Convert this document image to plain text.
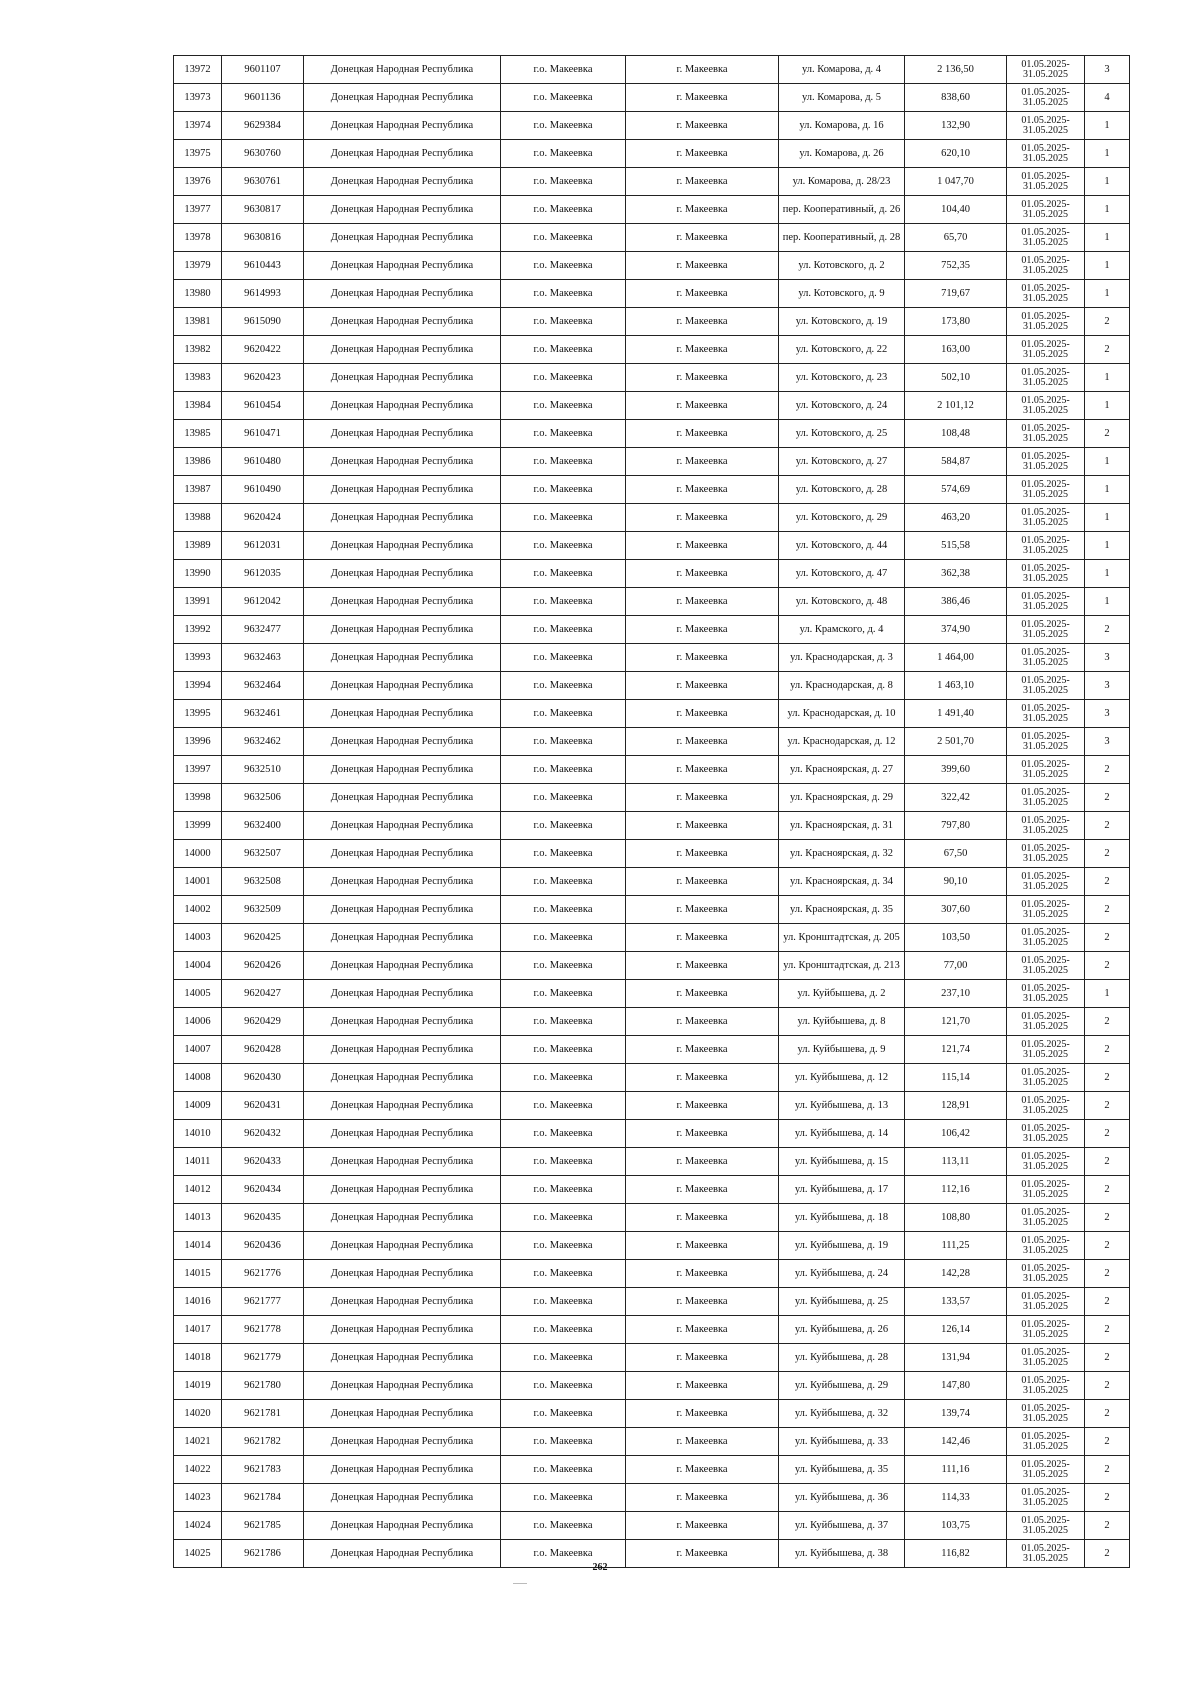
13972	9601107	Донецкая Народная Республика	г.о. Макеевка	г. Макеевка	ул. Комарова, д. 4	2 136,50	01.05.2025-31.05.2025	3
13973	9601136	Донецкая Народная Республика	г.о. Макеевка	г. Макеевка	ул. Комарова, д. 5	838,60	01.05.2025-31.05.2025	4
13974	9629384	Донецкая Народная Республика	г.о. Макеевка	г. Макеевка	ул. Комарова, д. 16	132,90	01.05.2025-31.05.2025	1
13975	9630760	Донецкая Народная Республика	г.о. Макеевка	г. Макеевка	ул. Комарова, д. 26	620,10	01.05.2025-31.05.2025	1
13976	9630761	Донецкая Народная Республика	г.о. Макеевка	г. Макеевка	ул. Комарова, д. 28/23	1 047,70	01.05.2025-31.05.2025	1
13977	9630817	Донецкая Народная Республика	г.о. Макеевка	г. Макеевка	пер. Кооперативный, д. 26	104,40	01.05.2025-31.05.2025	1
13978	9630816	Донецкая Народная Республика	г.о. Макеевка	г. Макеевка	пер. Кооперативный, д. 28	65,70	01.05.2025-31.05.2025	1
13979	9610443	Донецкая Народная Республика	г.о. Макеевка	г. Макеевка	ул. Котовского, д. 2	752,35	01.05.2025-31.05.2025	1
13980	9614993	Донецкая Народная Республика	г.о. Макеевка	г. Макеевка	ул. Котовского, д. 9	719,67	01.05.2025-31.05.2025	1
13981	9615090	Донецкая Народная Республика	г.о. Макеевка	г. Макеевка	ул. Котовского, д. 19	173,80	01.05.2025-31.05.2025	2
13982	9620422	Донецкая Народная Республика	г.о. Макеевка	г. Макеевка	ул. Котовского, д. 22	163,00	01.05.2025-31.05.2025	2
13983	9620423	Донецкая Народная Республика	г.о. Макеевка	г. Макеевка	ул. Котовского, д. 23	502,10	01.05.2025-31.05.2025	1
13984	9610454	Донецкая Народная Республика	г.о. Макеевка	г. Макеевка	ул. Котовского, д. 24	2 101,12	01.05.2025-31.05.2025	1
13985	9610471	Донецкая Народная Республика	г.о. Макеевка	г. Макеевка	ул. Котовского, д. 25	108,48	01.05.2025-31.05.2025	2
13986	9610480	Донецкая Народная Республика	г.о. Макеевка	г. Макеевка	ул. Котовского, д. 27	584,87	01.05.2025-31.05.2025	1
13987	9610490	Донецкая Народная Республика	г.о. Макеевка	г. Макеевка	ул. Котовского, д. 28	574,69	01.05.2025-31.05.2025	1
13988	9620424	Донецкая Народная Республика	г.о. Макеевка	г. Макеевка	ул. Котовского, д. 29	463,20	01.05.2025-31.05.2025	1
13989	9612031	Донецкая Народная Республика	г.о. Макеевка	г. Макеевка	ул. Котовского, д. 44	515,58	01.05.2025-31.05.2025	1
13990	9612035	Донецкая Народная Республика	г.о. Макеевка	г. Макеевка	ул. Котовского, д. 47	362,38	01.05.2025-31.05.2025	1
13991	9612042	Донецкая Народная Республика	г.о. Макеевка	г. Макеевка	ул. Котовского, д. 48	386,46	01.05.2025-31.05.2025	1
13992	9632477	Донецкая Народная Республика	г.о. Макеевка	г. Макеевка	ул. Крамского, д. 4	374,90	01.05.2025-31.05.2025	2
13993	9632463	Донецкая Народная Республика	г.о. Макеевка	г. Макеевка	ул. Краснодарская, д. 3	1 464,00	01.05.2025-31.05.2025	3
13994	9632464	Донецкая Народная Республика	г.о. Макеевка	г. Макеевка	ул. Краснодарская, д. 8	1 463,10	01.05.2025-31.05.2025	3
13995	9632461	Донецкая Народная Республика	г.о. Макеевка	г. Макеевка	ул. Краснодарская, д. 10	1 491,40	01.05.2025-31.05.2025	3
13996	9632462	Донецкая Народная Республика	г.о. Макеевка	г. Макеевка	ул. Краснодарская, д. 12	2 501,70	01.05.2025-31.05.2025	3
13997	9632510	Донецкая Народная Республика	г.о. Макеевка	г. Макеевка	ул. Красноярская, д. 27	399,60	01.05.2025-31.05.2025	2
13998	9632506	Донецкая Народная Республика	г.о. Макеевка	г. Макеевка	ул. Красноярская, д. 29	322,42	01.05.2025-31.05.2025	2
13999	9632400	Донецкая Народная Республика	г.о. Макеевка	г. Макеевка	ул. Красноярская, д. 31	797,80	01.05.2025-31.05.2025	2
14000	9632507	Донецкая Народная Республика	г.о. Макеевка	г. Макеевка	ул. Красноярская, д. 32	67,50	01.05.2025-31.05.2025	2
14001	9632508	Донецкая Народная Республика	г.о. Макеевка	г. Макеевка	ул. Красноярская, д. 34	90,10	01.05.2025-31.05.2025	2
14002	9632509	Донецкая Народная Республика	г.о. Макеевка	г. Макеевка	ул. Красноярская, д. 35	307,60	01.05.2025-31.05.2025	2
14003	9620425	Донецкая Народная Республика	г.о. Макеевка	г. Макеевка	ул. Кронштадтская, д. 205	103,50	01.05.2025-31.05.2025	2
14004	9620426	Донецкая Народная Республика	г.о. Макеевка	г. Макеевка	ул. Кронштадтская, д. 213	77,00	01.05.2025-31.05.2025	2
14005	9620427	Донецкая Народная Республика	г.о. Макеевка	г. Макеевка	ул. Куйбышева, д. 2	237,10	01.05.2025-31.05.2025	1
14006	9620429	Донецкая Народная Республика	г.о. Макеевка	г. Макеевка	ул. Куйбышева, д. 8	121,70	01.05.2025-31.05.2025	2
14007	9620428	Донецкая Народная Республика	г.о. Макеевка	г. Макеевка	ул. Куйбышева, д. 9	121,74	01.05.2025-31.05.2025	2
14008	9620430	Донецкая Народная Республика	г.о. Макеевка	г. Макеевка	ул. Куйбышева, д. 12	115,14	01.05.2025-31.05.2025	2
14009	9620431	Донецкая Народная Республика	г.о. Макеевка	г. Макеевка	ул. Куйбышева, д. 13	128,91	01.05.2025-31.05.2025	2
14010	9620432	Донецкая Народная Республика	г.о. Макеевка	г. Макеевка	ул. Куйбышева, д. 14	106,42	01.05.2025-31.05.2025	2
14011	9620433	Донецкая Народная Республика	г.о. Макеевка	г. Макеевка	ул. Куйбышева, д. 15	113,11	01.05.2025-31.05.2025	2
14012	9620434	Донецкая Народная Республика	г.о. Макеевка	г. Макеевка	ул. Куйбышева, д. 17	112,16	01.05.2025-31.05.2025	2
14013	9620435	Донецкая Народная Республика	г.о. Макеевка	г. Макеевка	ул. Куйбышева, д. 18	108,80	01.05.2025-31.05.2025	2
14014	9620436	Донецкая Народная Республика	г.о. Макеевка	г. Макеевка	ул. Куйбышева, д. 19	111,25	01.05.2025-31.05.2025	2
14015	9621776	Донецкая Народная Республика	г.о. Макеевка	г. Макеевка	ул. Куйбышева, д. 24	142,28	01.05.2025-31.05.2025	2
14016	9621777	Донецкая Народная Республика	г.о. Макеевка	г. Макеевка	ул. Куйбышева, д. 25	133,57	01.05.2025-31.05.2025	2
14017	9621778	Донецкая Народная Республика	г.о. Макеевка	г. Макеевка	ул. Куйбышева, д. 26	126,14	01.05.2025-31.05.2025	2
14018	9621779	Донецкая Народная Республика	г.о. Макеевка	г. Макеевка	ул. Куйбышева, д. 28	131,94	01.05.2025-31.05.2025	2
14019	9621780	Донецкая Народная Республика	г.о. Макеевка	г. Макеевка	ул. Куйбышева, д. 29	147,80	01.05.2025-31.05.2025	2
14020	9621781	Донецкая Народная Республика	г.о. Макеевка	г. Макеевка	ул. Куйбышева, д. 32	139,74	01.05.2025-31.05.2025	2
14021	9621782	Донецкая Народная Республика	г.о. Макеевка	г. Макеевка	ул. Куйбышева, д. 33	142,46	01.05.2025-31.05.2025	2
14022	9621783	Донецкая Народная Республика	г.о. Макеевка	г. Макеевка	ул. Куйбышева, д. 35	111,16	01.05.2025-31.05.2025	2
14023	9621784	Донецкая Народная Республика	г.о. Макеевка	г. Макеевка	ул. Куйбышева, д. 36	114,33	01.05.2025-31.05.2025	2
14024	9621785	Донецкая Народная Республика	г.о. Макеевка	г. Макеевка	ул. Куйбышева, д. 37	103,75	01.05.2025-31.05.2025	2
14025	9621786	Донецкая Народная Республика	г.о. Макеевка	г. Макеевка	ул. Куйбышева, д. 38	116,82	01.05.2025-31.05.2025	2
262
